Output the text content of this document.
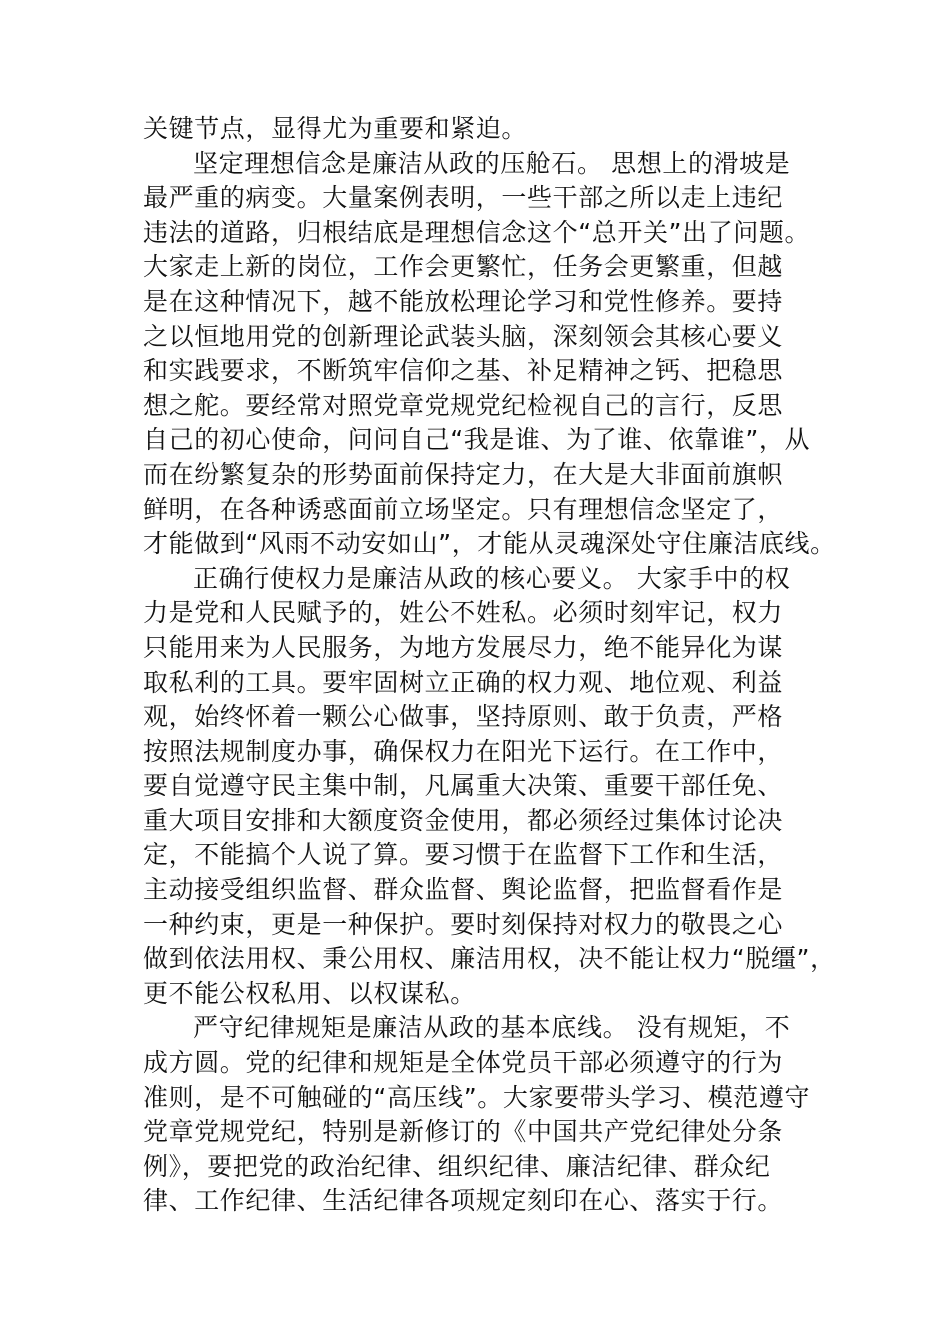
关键节点，显得尤为重要和紧迫。
坚定理想信念是廉洁从政的压舱石。 思想上的滑坡是
最严重的病变。大量案例表明，一些干部之所以走上违纪
违法的道路，归根结底是理想信念这个“总开关”出了问题。
大家走上新的岗位，工作会更繁忙，任务会更繁重，但越
是在这种情况下，越不能放松理论学习和党性修养。要持
之以恒地用党的创新理论武装头脑，深刻领会其核心要义
和实践要求，不断筑牢信仰之基、补足精神之钙、把稳思
想之舵。要经常对照党章党规党纪检视自己的言行，反思
自己的初心使命，问问自己“我是谁、为了谁、依靠谁”，从
而在纷繁复杂的形势面前保持定力，在大是大非面前旗帜
鲜明，在各种诱惑面前立场坚定。只有理想信念坚定了，
才能做到“风雨不动安如山”，才能从灵魂深处守住廉洁底线。
正确行使权力是廉洁从政的核心要义。 大家手中的权
力是党和人民赋予的，姓公不姓私。必须时刻牢记，权力
只能用来为人民服务，为地方发展尽力，绝不能异化为谋
取私利的工具。要牢固树立正确的权力观、地位观、利益
观，始终怀着一颗公心做事，坚持原则、敢于负责，严格
按照法规制度办事，确保权力在阳光下运行。在工作中，
要自觉遵守民主集中制，凡属重大决策、重要干部任免、
重大项目安排和大额度资金使用，都必须经过集体讨论决
定，不能搞个人说了算。要习惯于在监督下工作和生活，
主动接受组织监督、群众监督、舆论监督，把监督看作是
一种约束，更是一种保护。要时刻保持对权力的敬畏之心
做到依法用权、秉公用权、廉洁用权，决不能让权力“脱缰”，
更不能公权私用、以权谋私。
严守纪律规矩是廉洁从政的基本底线。 没有规矩，不
成方圆。党的纪律和规矩是全体党员干部必须遵守的行为
准则，是不可触碰的“高压线”。大家要带头学习、模范遵守
党章党规党纪，特别是新修订的《中国共产党纪律处分条
例》，要把党的政治纪律、组织纪律、廉洁纪律、群众纪
律、工作纪律、生活纪律各项规定刻印在心、落实于行。
